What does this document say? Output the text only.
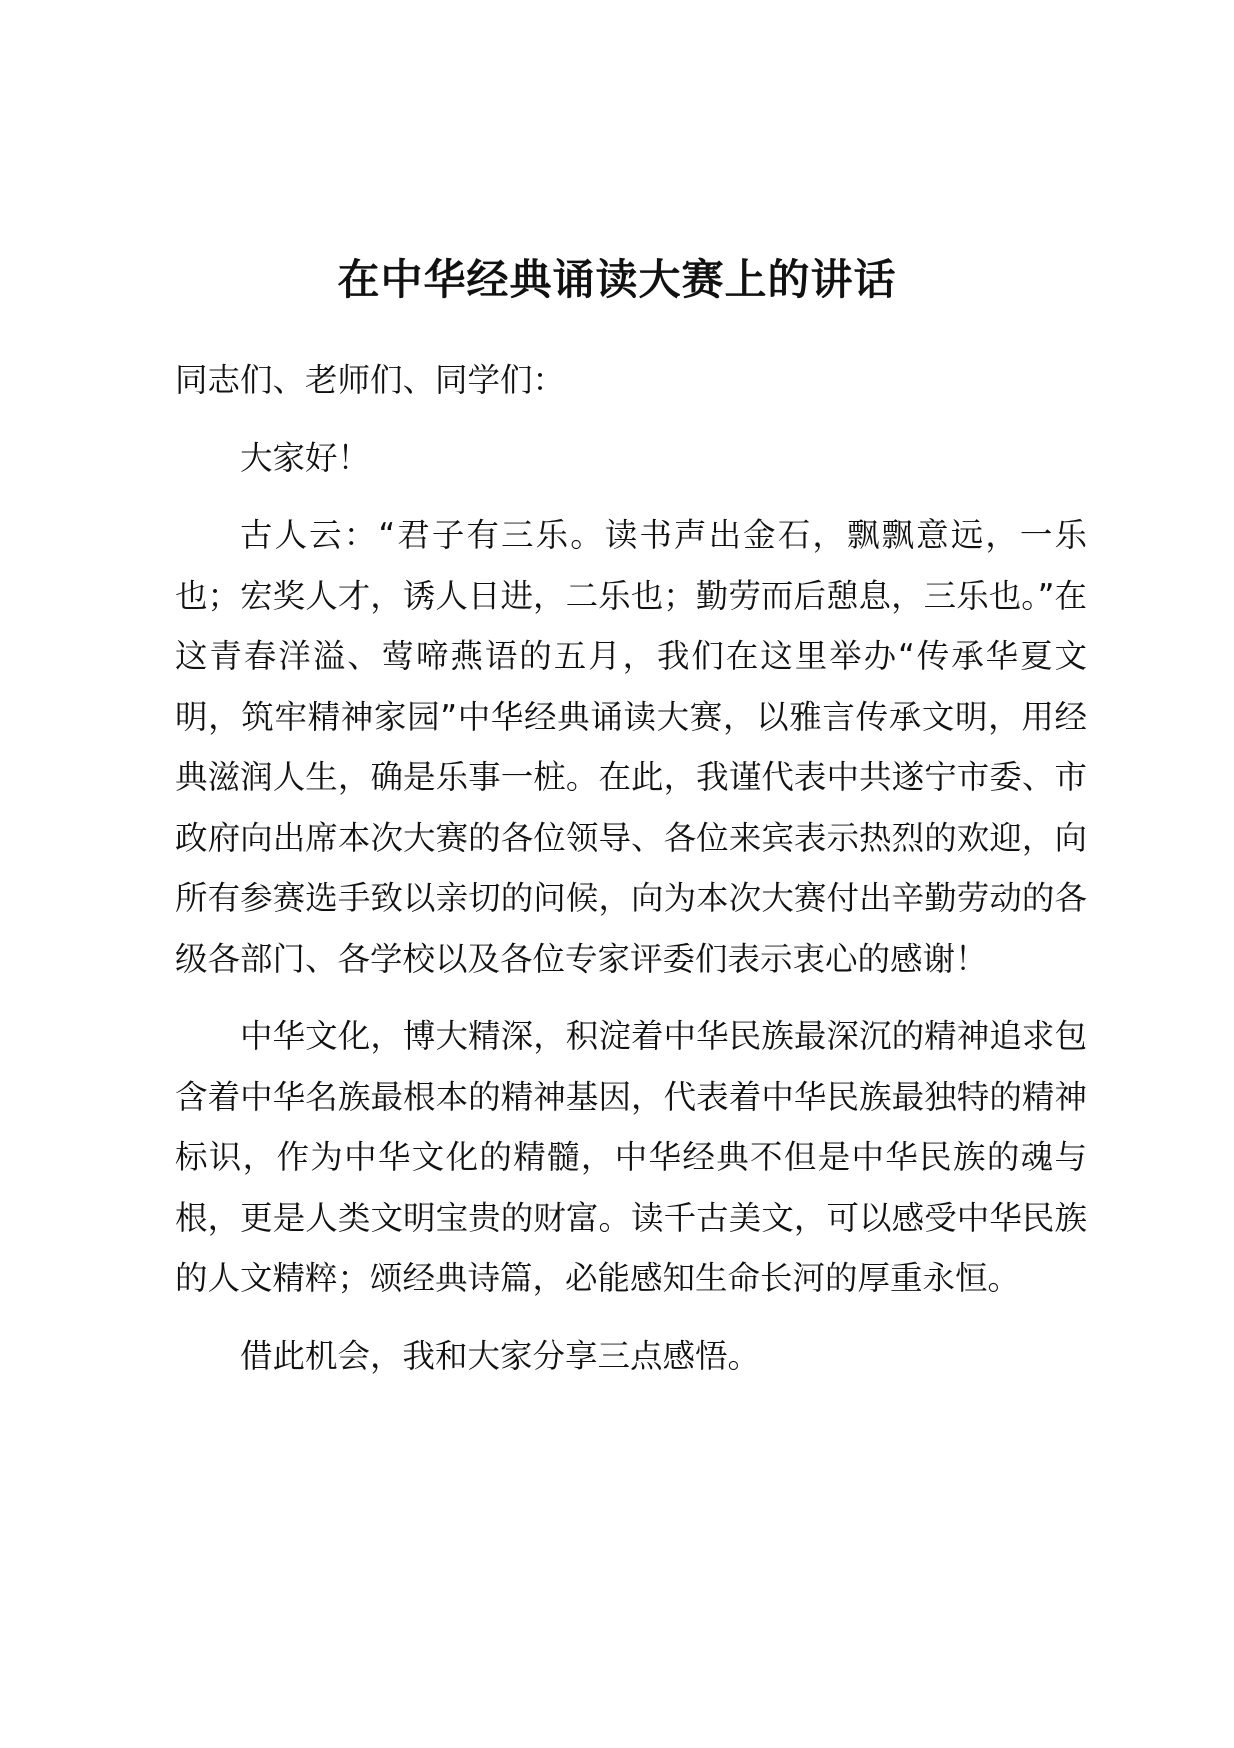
在中华经典诵读大赛上的讲话

同志们、老师们、同学们：

大家好！

古人云：“君子有三乐。读书声出金石，飘飘意远，一乐也；宏奖人才，诱人日进，二乐也；勤劳而后憩息，三乐也。”在这青春洋溢、莺啼燕语的五月，我们在这里举办“传承华夏文明，筑牢精神家园”中华经典诵读大赛，以雅言传承文明，用经典滋润人生，确是乐事一桩。在此，我谨代表中共遂宁市委、市政府向出席本次大赛的各位领导、各位来宾表示热烈的欢迎，向所有参赛选手致以亲切的问候，向为本次大赛付出辛勤劳动的各级各部门、各学校以及各位专家评委们表示衷心的感谢！

中华文化，博大精深，积淀着中华民族最深沉的精神追求包含着中华名族最根本的精神基因，代表着中华民族最独特的精神标识，作为中华文化的精髓，中华经典不但是中华民族的魂与根，更是人类文明宝贵的财富。读千古美文，可以感受中华民族的人文精粹；颂经典诗篇，必能感知生命长河的厚重永恒。

借此机会，我和大家分享三点感悟。
